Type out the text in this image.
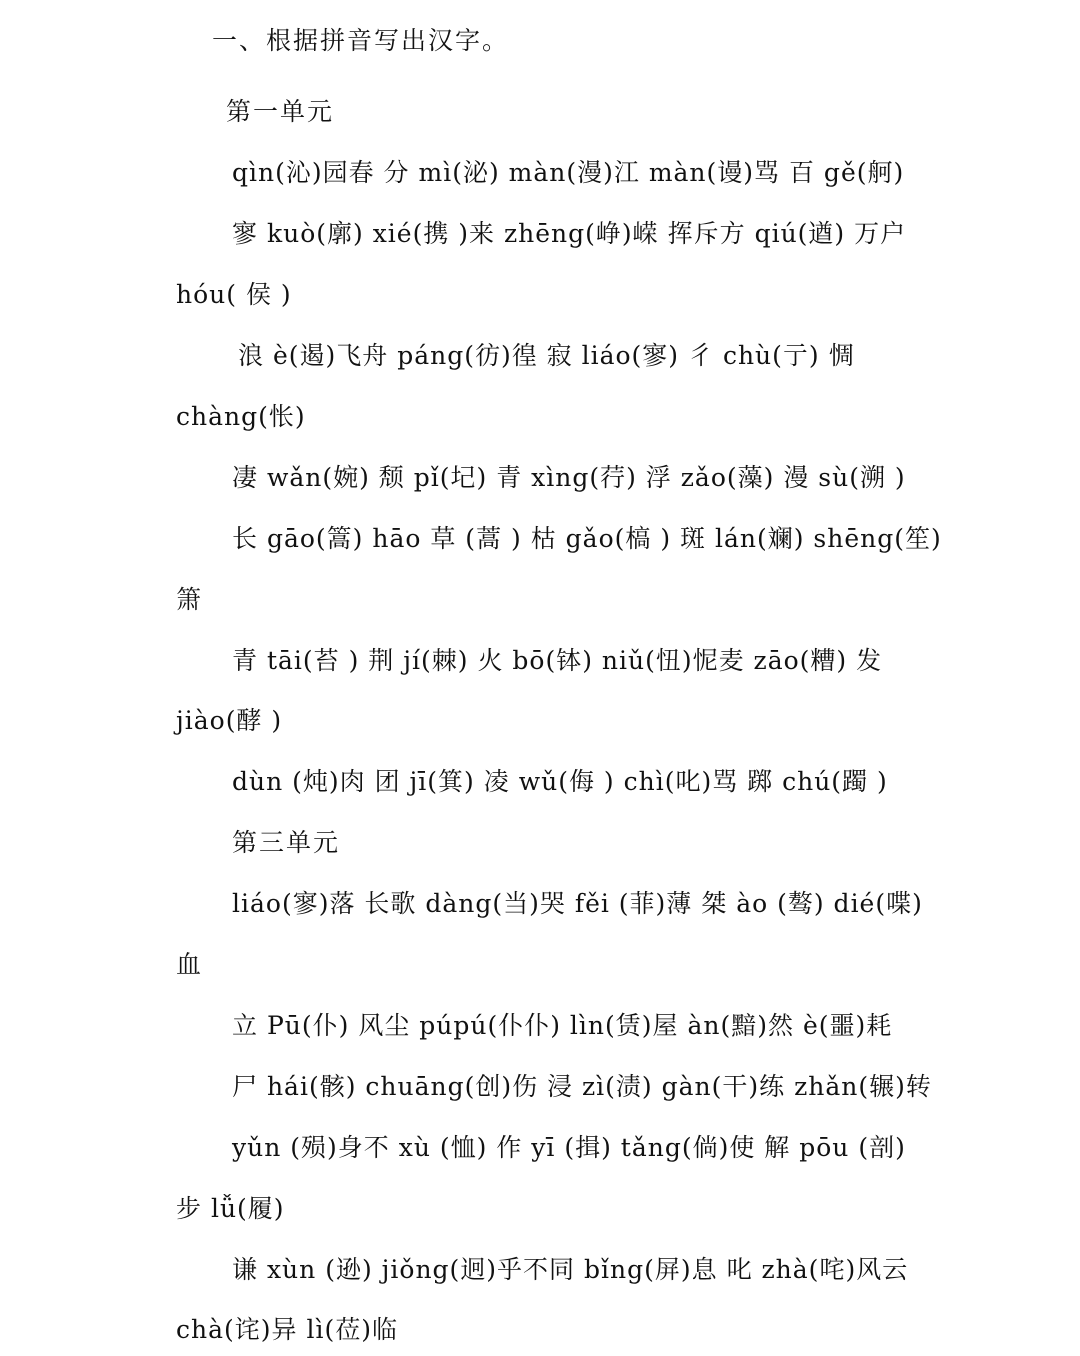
一、根据拼音写出汉字。
第一单元
qìn(沁)园春 分 mì(泌) màn(漫)江 màn(谩)骂 百 gě(舸)
寥 kuò(廓) xié(携 )来 zhēng(峥)嵘 挥斥方 qiú(遒) 万户
hóu( 侯 )
浪 è(遏)飞舟 páng(彷)徨 寂 liáo(寥) 彳 chù(亍) 惆
chàng(怅)
凄 wǎn(婉) 颓 pǐ(圮) 青 xìng(荇) 浮 zǎo(藻) 漫 sù(溯 )
长 gāo(篙) hāo 草 (蒿 ) 枯 gǎo(槁 ) 斑 lán(斓) shēng(笙)
箫
青 tāi(苔 ) 荆 jí(棘) 火 bō(钵) niǔ(忸)怩麦 zāo(糟) 发
jiào(酵 )
dùn (炖)肉 团 jī(箕) 凌 wǔ(侮 ) chì(叱)骂 踯 chú(躅 )
第三单元
liáo(寥)落 长歌 dàng(当)哭 fěi (菲)薄 桀 ào (骜) dié(喋)
血
立 Pū(仆) 风尘 púpú(仆仆) lìn(赁)屋 àn(黯)然 è(噩)耗
尸 hái(骸) chuāng(创)伤 浸 zì(渍) gàn(干)练 zhǎn(辗)转
yǔn (殒)身不 xù (恤) 作 yī (揖) tǎng(倘)使 解 pōu (剖)
步 lǚ(履)
谦 xùn (逊) jiǒng(迥)乎不同 bǐng(屏)息 叱 zhà(咤)风云
chà(诧)异 lì(莅)临
